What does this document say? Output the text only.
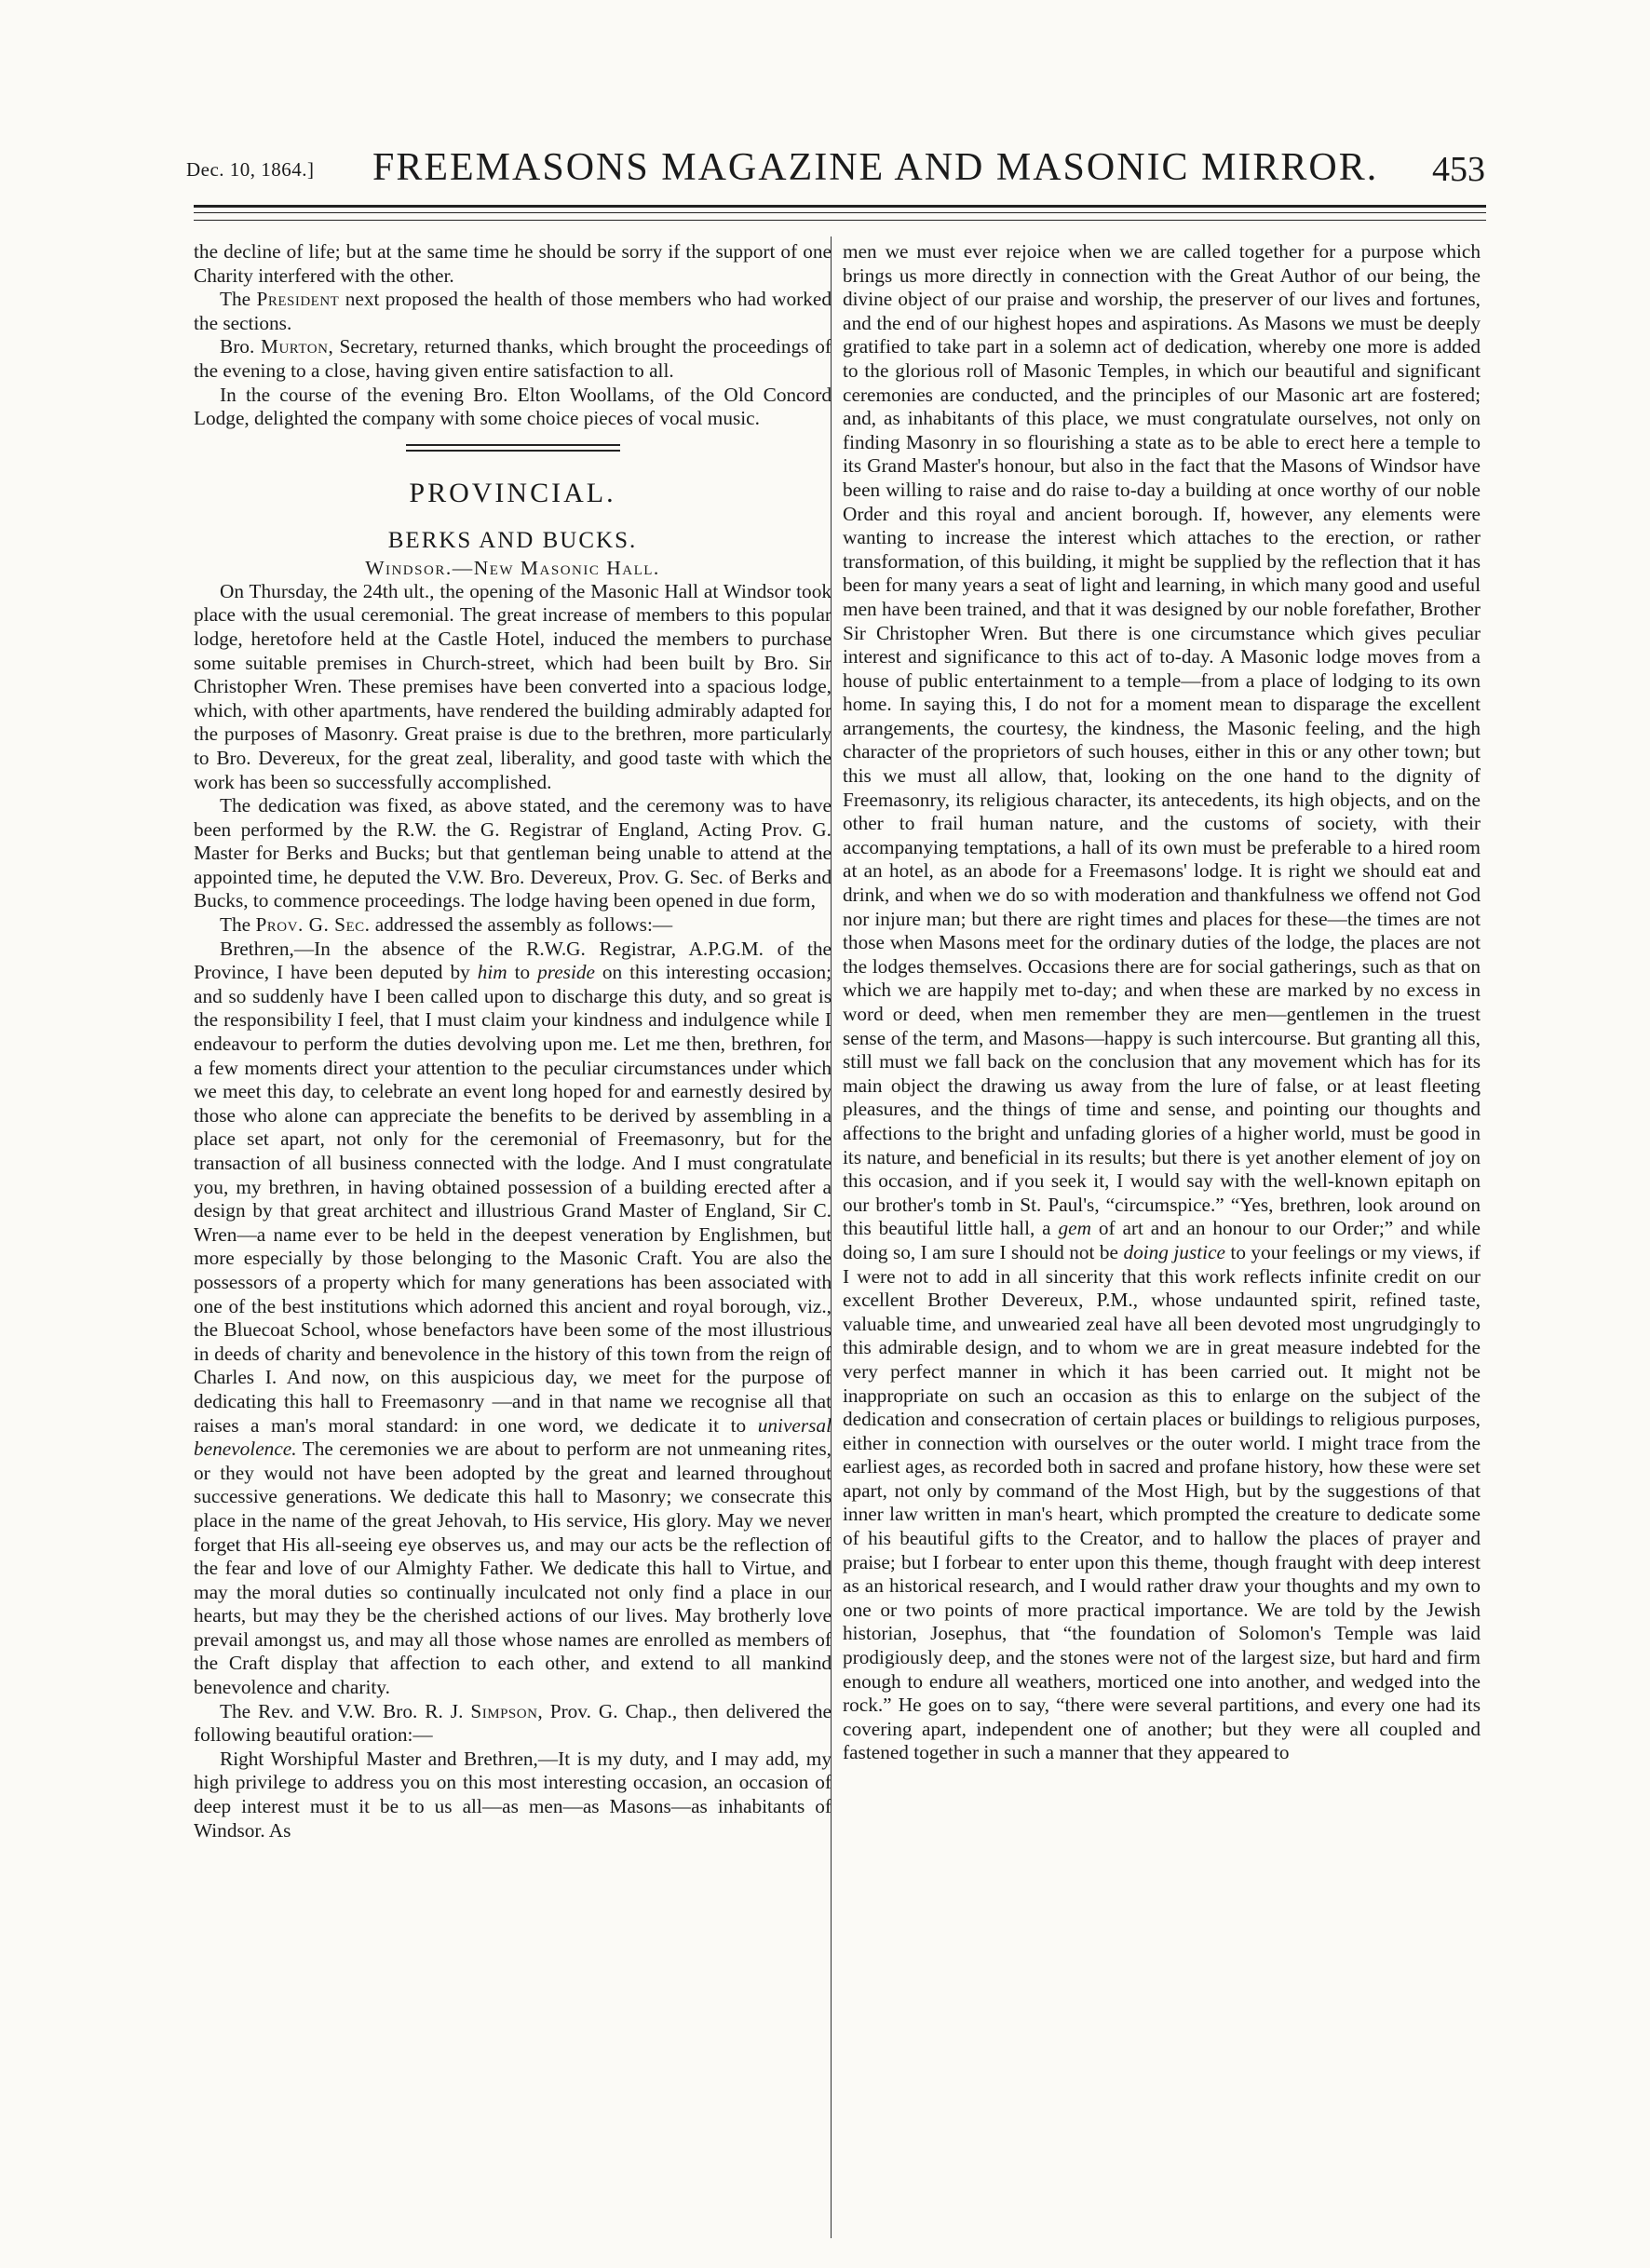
Dec. 10, 1864.] FREEMASONS MAGAZINE AND MASONIC MIRROR. 453

the decline of life; but at the same time he should be sorry if the support of one Charity interfered with the other.

The President next proposed the health of those members who had worked the sections.

Bro. Murton, Secretary, returned thanks, which brought the proceedings of the evening to a close, having given entire satisfaction to all.

In the course of the evening Bro. Elton Woollams, of the Old Concord Lodge, delighted the company with some choice pieces of vocal music.

PROVINCIAL.
BERKS AND BUCKS.
Windsor.—New Masonic Hall.

On Thursday, the 24th ult., the opening of the Masonic Hall at Windsor took place with the usual ceremonial. The great increase of members to this popular lodge, heretofore held at the Castle Hotel, induced the members to purchase some suitable premises in Church-street, which had been built by Bro. Sir Christopher Wren. These premises have been converted into a spacious lodge, which, with other apartments, have rendered the building admirably adapted for the purposes of Masonry. Great praise is due to the brethren, more particularly to Bro. Devereux, for the great zeal, liberality, and good taste with which the work has been so successfully accomplished.

The dedication was fixed, as above stated, and the ceremony was to have been performed by the R.W. the G. Registrar of England, Acting Prov. G. Master for Berks and Bucks; but that gentleman being unable to attend at the appointed time, he deputed the V.W. Bro. Devereux, Prov. G. Sec. of Berks and Bucks, to commence proceedings. The lodge having been opened in due form,

The Prov. G. Sec. addressed the assembly as follows:—

Brethren,—In the absence of the R.W.G. Registrar, A.P.G.M. of the Province, I have been deputed by him to preside on this interesting occasion; and so suddenly have I been called upon to discharge this duty, and so great is the responsibility I feel, that I must claim your kindness and indulgence while I endeavour to perform the duties devolving upon me. Let me then, brethren, for a few moments direct your attention to the peculiar circumstances under which we meet this day, to celebrate an event long hoped for and earnestly desired by those who alone can appreciate the benefits to be derived by assembling in a place set apart, not only for the ceremonial of Freemasonry, but for the transaction of all business connected with the lodge. And I must congratulate you, my brethren, in having obtained possession of a building erected after a design by that great architect and illustrious Grand Master of England, Sir C. Wren—a name ever to be held in the deepest veneration by Englishmen, but more especially by those belonging to the Masonic Craft. You are also the possessors of a property which for many generations has been associated with one of the best institutions which adorned this ancient and royal borough, viz., the Bluecoat School, whose benefactors have been some of the most illustrious in deeds of charity and benevolence in the history of this town from the reign of Charles I. And now, on this auspicious day, we meet for the purpose of dedicating this hall to Freemasonry —and in that name we recognise all that raises a man's moral standard: in one word, we dedicate it to universal benevolence. The ceremonies we are about to perform are not unmeaning rites, or they would not have been adopted by the great and learned throughout successive generations. We dedicate this hall to Masonry; we consecrate this place in the name of the great Jehovah, to His service, His glory. May we never forget that His all-seeing eye observes us, and may our acts be the reflection of the fear and love of our Almighty Father. We dedicate this hall to Virtue, and may the moral duties so continually inculcated not only find a place in our hearts, but may they be the cherished actions of our lives. May brotherly love prevail amongst us, and may all those whose names are enrolled as members of the Craft display that affection to each other, and extend to all mankind benevolence and charity.

The Rev. and V.W. Bro. R. J. Simpson, Prov. G. Chap., then delivered the following beautiful oration:—

Right Worshipful Master and Brethren,—It is my duty, and I may add, my high privilege to address you on this most interesting occasion, an occasion of deep interest must it be to us all—as men—as Masons—as inhabitants of Windsor. As

men we must ever rejoice when we are called together for a purpose which brings us more directly in connection with the Great Author of our being, the divine object of our praise and worship, the preserver of our lives and fortunes, and the end of our highest hopes and aspirations. As Masons we must be deeply gratified to take part in a solemn act of dedication, whereby one more is added to the glorious roll of Masonic Temples, in which our beautiful and significant ceremonies are conducted, and the principles of our Masonic art are fostered; and, as inhabitants of this place, we must congratulate ourselves, not only on finding Masonry in so flourishing a state as to be able to erect here a temple to its Grand Master's honour, but also in the fact that the Masons of Windsor have been willing to raise and do raise to-day a building at once worthy of our noble Order and this royal and ancient borough. If, however, any elements were wanting to increase the interest which attaches to the erection, or rather transformation, of this building, it might be supplied by the reflection that it has been for many years a seat of light and learning, in which many good and useful men have been trained, and that it was designed by our noble forefather, Brother Sir Christopher Wren. But there is one circumstance which gives peculiar interest and significance to this act of to-day. A Masonic lodge moves from a house of public entertainment to a temple—from a place of lodging to its own home. In saying this, I do not for a moment mean to disparage the excellent arrangements, the courtesy, the kindness, the Masonic feeling, and the high character of the proprietors of such houses, either in this or any other town; but this we must all allow, that, looking on the one hand to the dignity of Freemasonry, its religious character, its antecedents, its high objects, and on the other to frail human nature, and the customs of society, with their accompanying temptations, a hall of its own must be preferable to a hired room at an hotel, as an abode for a Freemasons' lodge. It is right we should eat and drink, and when we do so with moderation and thankfulness we offend not God nor injure man; but there are right times and places for these—the times are not those when Masons meet for the ordinary duties of the lodge, the places are not the lodges themselves. Occasions there are for social gatherings, such as that on which we are happily met to-day; and when these are marked by no excess in word or deed, when men remember they are men—gentlemen in the truest sense of the term, and Masons—happy is such intercourse. But granting all this, still must we fall back on the conclusion that any movement which has for its main object the drawing us away from the lure of false, or at least fleeting pleasures, and the things of time and sense, and pointing our thoughts and affections to the bright and unfading glories of a higher world, must be good in its nature, and beneficial in its results; but there is yet another element of joy on this occasion, and if you seek it, I would say with the well-known epitaph on our brother's tomb in St. Paul's, “circumspice.” “Yes, brethren, look around on this beautiful little hall, a gem of art and an honour to our Order;” and while doing so, I am sure I should not be doing justice to your feelings or my views, if I were not to add in all sincerity that this work reflects infinite credit on our excellent Brother Devereux, P.M., whose undaunted spirit, refined taste, valuable time, and unwearied zeal have all been devoted most ungrudgingly to this admirable design, and to whom we are in great measure indebted for the very perfect manner in which it has been carried out. It might not be inappropriate on such an occasion as this to enlarge on the subject of the dedication and consecration of certain places or buildings to religious purposes, either in connection with ourselves or the outer world. I might trace from the earliest ages, as recorded both in sacred and profane history, how these were set apart, not only by command of the Most High, but by the suggestions of that inner law written in man's heart, which prompted the creature to dedicate some of his beautiful gifts to the Creator, and to hallow the places of prayer and praise; but I forbear to enter upon this theme, though fraught with deep interest as an historical research, and I would rather draw your thoughts and my own to one or two points of more practical importance. We are told by the Jewish historian, Josephus, that “the foundation of Solomon's Temple was laid prodigiously deep, and the stones were not of the largest size, but hard and firm enough to endure all weathers, morticed one into another, and wedged into the rock.” He goes on to say, “there were several partitions, and every one had its covering apart, independent one of another; but they were all coupled and fastened together in such a manner that they appeared to
